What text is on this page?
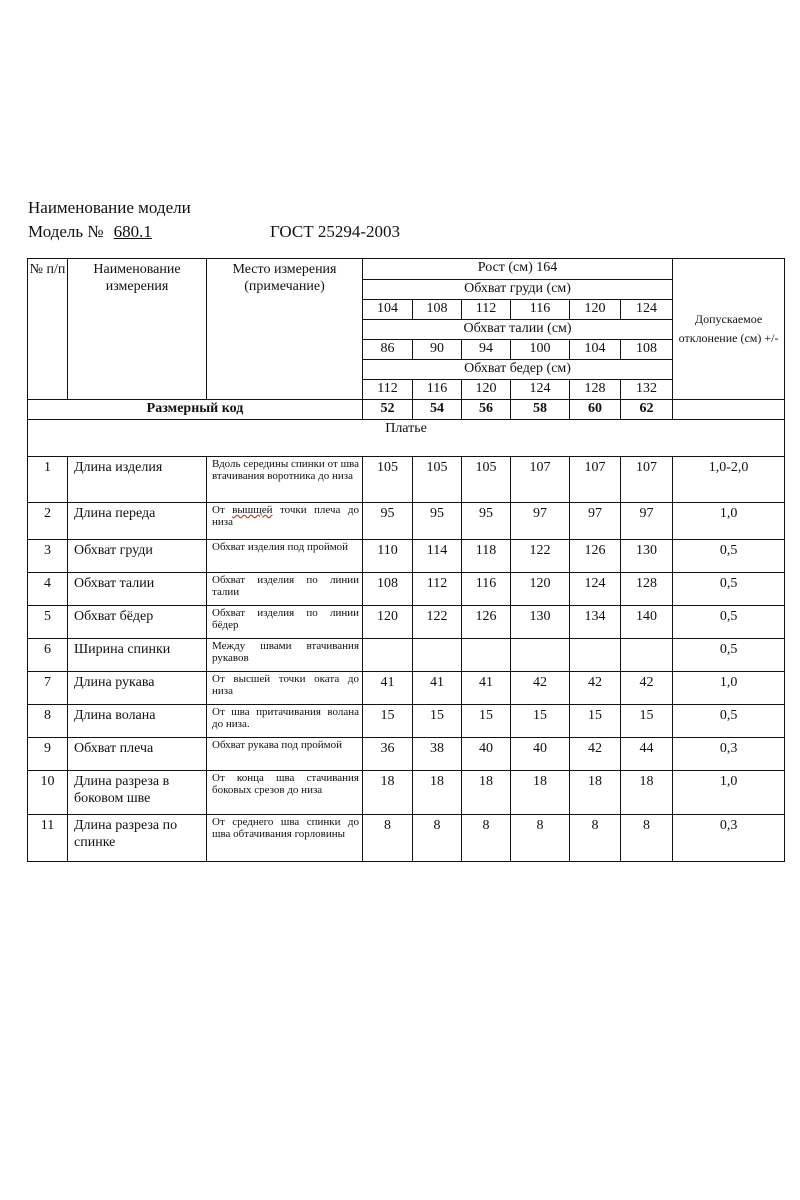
Наименование модели
Модель № 680.1	ГОСТ 25294-2003
№ п/п	Наименование измерения	Место измерения (примечание)	Рост (см) 164						Допускаемое отклонение (см) +/-
			Обхват груди (см)						
			104	108	112	116	120	124	
			Обхват талии (см)						
			86	90	94	100	104	108	
			Обхват бедер (см)						
			112	116	120	124	128	132	
Размерный код			52	54	56	58	60	62	
Платье									
1	Длина изделия	Вдоль середины спинки от шва втачивания воротника до низа	105	105	105	107	107	107	1,0-2,0
2	Длина переда	От вышщей точки плеча до низа	95	95	95	97	97	97	1,0
3	Обхват груди	Обхват изделия под проймой	110	114	118	122	126	130	0,5
4	Обхват талии	Обхват изделия по линии талии	108	112	116	120	124	128	0,5
5	Обхват бёдер	Обхват изделия по линии бёдер	120	122	126	130	134	140	0,5
6	Ширина спинки	Между швами втачивания рукавов							0,5
7	Длина рукава	От высшей точки оката до низа	41	41	41	42	42	42	1,0
8	Длина волана	От шва притачивания волана до низа.	15	15	15	15	15	15	0,5
9	Обхват плеча	Обхват рукава под проймой	36	38	40	40	42	44	0,3
10	Длина разреза в боковом шве	От конца шва стачивания боковых срезов до низа	18	18	18	18	18	18	1,0
11	Длина разреза по спинке	От среднего шва спинки до шва обтачивания горловины	8	8	8	8	8	8	0,3
